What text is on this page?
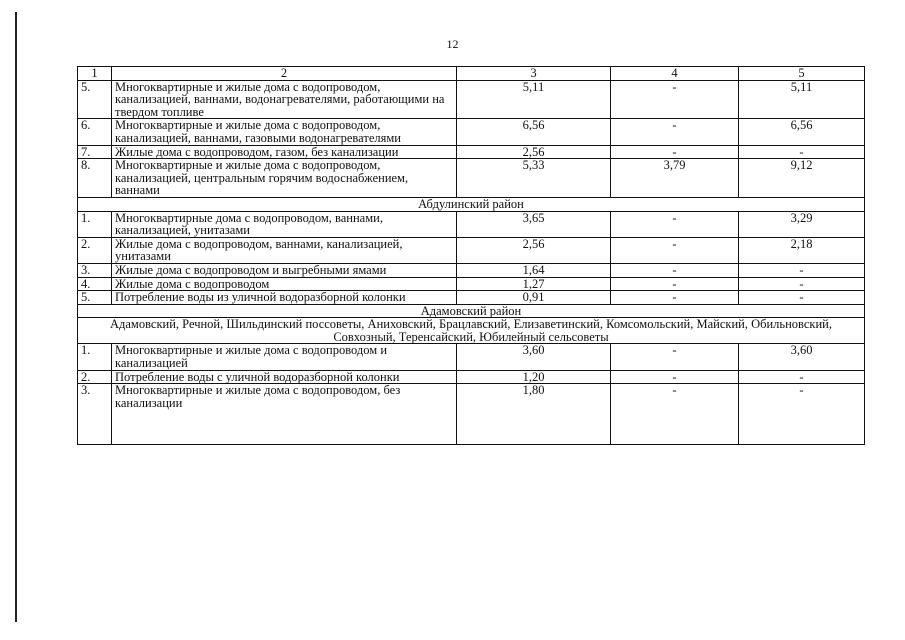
12
1	2	3	4	5
5.	Многоквартирные и жилые дома с водопроводом, канализацией, ваннами, водонагревателями, работающими на твердом топливе	5,11	-	5,11
6.	Многоквартирные и жилые дома с водопроводом, канализацией, ваннами, газовыми водонагревателями	6,56	-	6,56
7.	Жилые дома с водопроводом, газом, без канализации	2,56	-	-
8.	Многоквартирные и жилые дома с водопроводом, канализацией, центральным горячим водоснабжением, ваннами	5,33	3,79	9,12
Абдулинский район				
1.	Многоквартирные дома с водопроводом, ваннами, канализацией, унитазами	3,65	-	3,29
2.	Жилые дома с водопроводом, ваннами, канализацией, унитазами	2,56	-	2,18
3.	Жилые дома с водопроводом и выгребными ямами	1,64	-	-
4.	Жилые дома с водопроводом	1,27	-	-
5.	Потребление воды из уличной водоразборной колонки	0,91	-	-
Адамовский район				
Адамовский, Речной, Шильдинский поссоветы, Аниховский, Брацлавский, Елизаветинский, Комсомольский, Майский, Обильновский, Совхозный, Теренсайский, Юбилейный сельсоветы				
1.	Многоквартирные и жилые дома с водопроводом и канализацией	3,60	-	3,60
2.	Потребление воды с уличной водоразборной колонки	1,20	-	-
3.	Многоквартирные и жилые дома с водопроводом, без канализации	1,80	-	-
